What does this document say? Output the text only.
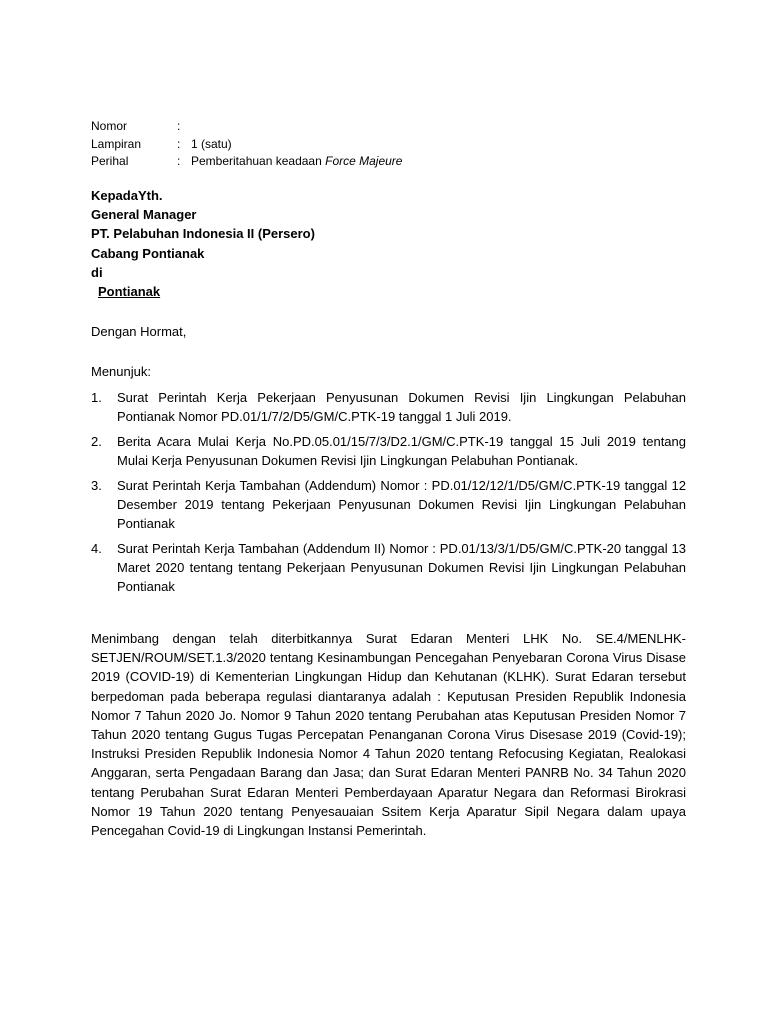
Nomor	:
Lampiran	: 1 (satu)
Perihal	: Pemberitahuan keadaan Force Majeure
KepadaYth.
General Manager
PT. Pelabuhan Indonesia II (Persero)
Cabang Pontianak
di
Pontianak
Dengan Hormat,
Menunjuk:
1.	Surat Perintah Kerja Pekerjaan Penyusunan Dokumen Revisi Ijin Lingkungan Pelabuhan Pontianak Nomor PD.01/1/7/2/D5/GM/C.PTK-19 tanggal 1 Juli 2019.
2.	Berita Acara Mulai Kerja No.PD.05.01/15/7/3/D2.1/GM/C.PTK-19 tanggal 15 Juli 2019 tentang Mulai Kerja Penyusunan Dokumen Revisi Ijin Lingkungan Pelabuhan Pontianak.
3.	Surat Perintah Kerja Tambahan (Addendum) Nomor : PD.01/12/12/1/D5/GM/C.PTK-19 tanggal 12 Desember 2019 tentang Pekerjaan Penyusunan Dokumen Revisi Ijin Lingkungan Pelabuhan Pontianak
4.	Surat Perintah Kerja Tambahan (Addendum II) Nomor : PD.01/13/3/1/D5/GM/C.PTK-20 tanggal 13 Maret 2020 tentang tentang Pekerjaan Penyusunan Dokumen Revisi Ijin Lingkungan Pelabuhan Pontianak

Menimbang dengan telah diterbitkannya Surat Edaran Menteri LHK No. SE.4/MENLHK-SETJEN/ROUM/SET.1.3/2020 tentang Kesinambungan Pencegahan Penyebaran Corona Virus Disase 2019 (COVID-19) di Kementerian Lingkungan Hidup dan Kehutanan (KLHK). Surat Edaran tersebut berpedoman pada beberapa regulasi diantaranya adalah : Keputusan Presiden Republik Indonesia Nomor 7 Tahun 2020 Jo. Nomor 9 Tahun 2020 tentang Perubahan atas Keputusan Presiden Nomor 7 Tahun 2020 tentang Gugus Tugas Percepatan Penanganan Corona Virus Disesase 2019 (Covid-19); Instruksi Presiden Republik Indonesia Nomor 4 Tahun 2020 tentang Refocusing Kegiatan, Realokasi Anggaran, serta Pengadaan Barang dan Jasa; dan Surat Edaran Menteri PANRB No. 34 Tahun 2020 tentang Perubahan Surat Edaran Menteri Pemberdayaan Aparatur Negara dan Reformasi Birokrasi Nomor 19 Tahun 2020 tentang Penyesauaian Ssitem Kerja Aparatur Sipil Negara dalam upaya Pencegahan Covid-19 di Lingkungan Instansi Pemerintah.
